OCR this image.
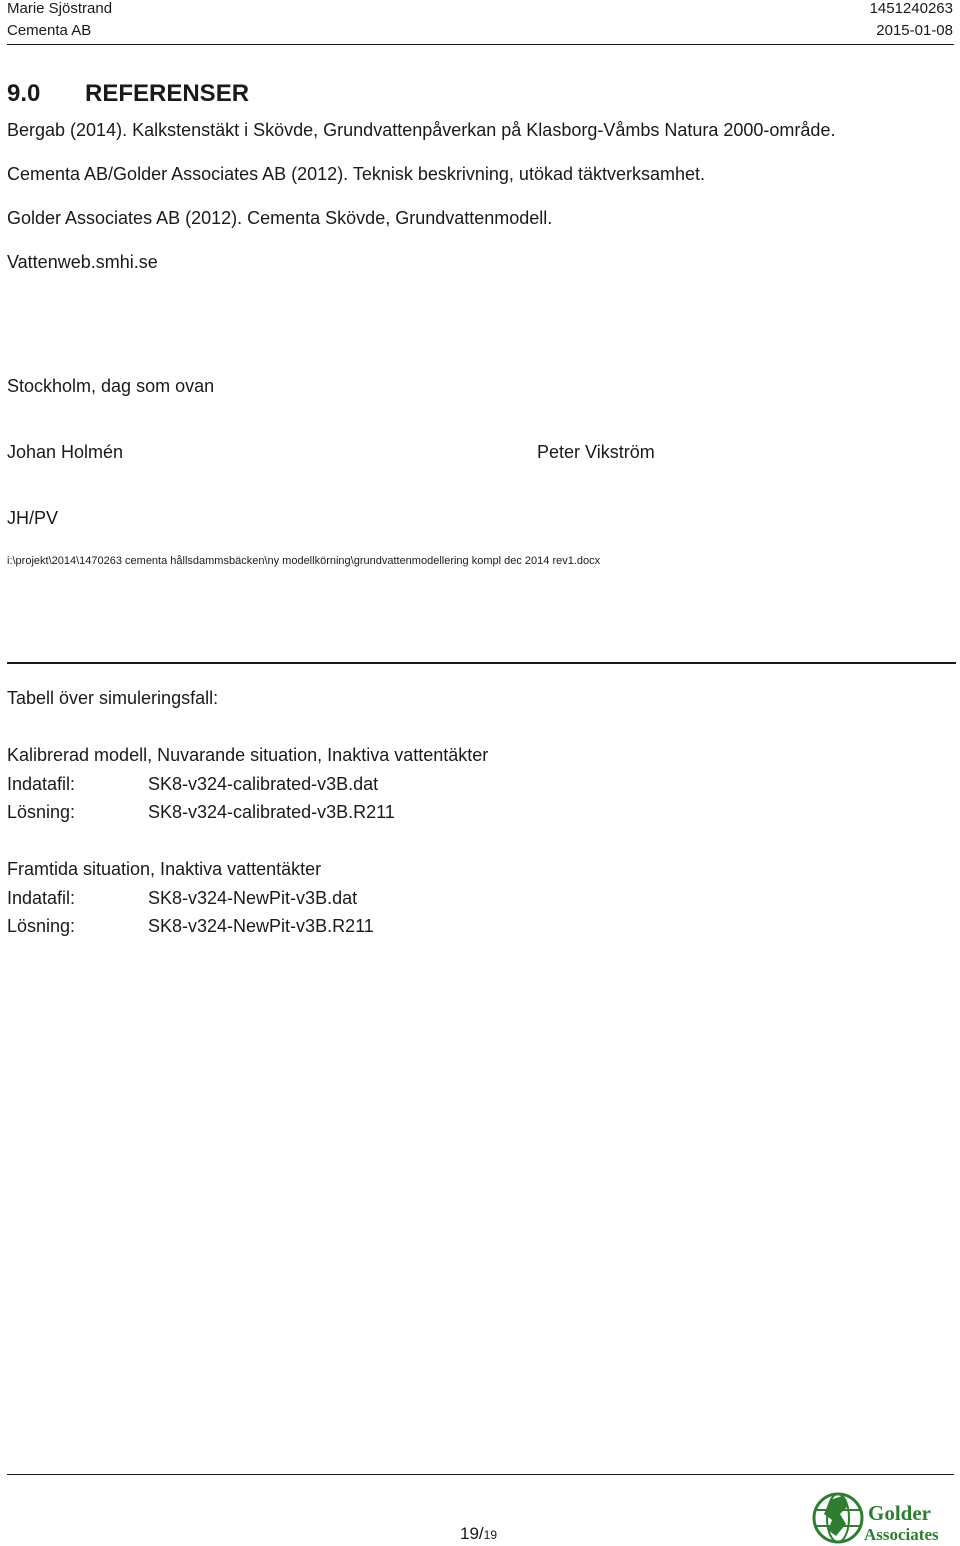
Marie Sjöstrand
Cementa AB
1451240263
2015-01-08
9.0 REFERENSER
Bergab (2014). Kalkstenstäkt i Skövde, Grundvattenpåverkan på Klasborg-Våmbs Natura 2000-område.
Cementa AB/Golder Associates AB (2012). Teknisk beskrivning, utökad täktverksamhet.
Golder Associates AB (2012). Cementa Skövde, Grundvattenmodell.
Vattenweb.smhi.se
Stockholm, dag som ovan
Johan Holmén	Peter Vikström
JH/PV
i:\projekt\2014\1470263 cementa hållsdammsbäcken\ny modellkörning\grundvattenmodellering kompl dec 2014 rev1.docx
Tabell över simuleringsfall:
Kalibrerad modell, Nuvarande situation, Inaktiva vattentäkter
Indatafil:	SK8-v324-calibrated-v3B.dat
Lösning:	SK8-v324-calibrated-v3B.R211
Framtida situation, Inaktiva vattentäkter
Indatafil:	SK8-v324-NewPit-v3B.dat
Lösning:	SK8-v324-NewPit-v3B.R211
19/19
Golder
Associates
